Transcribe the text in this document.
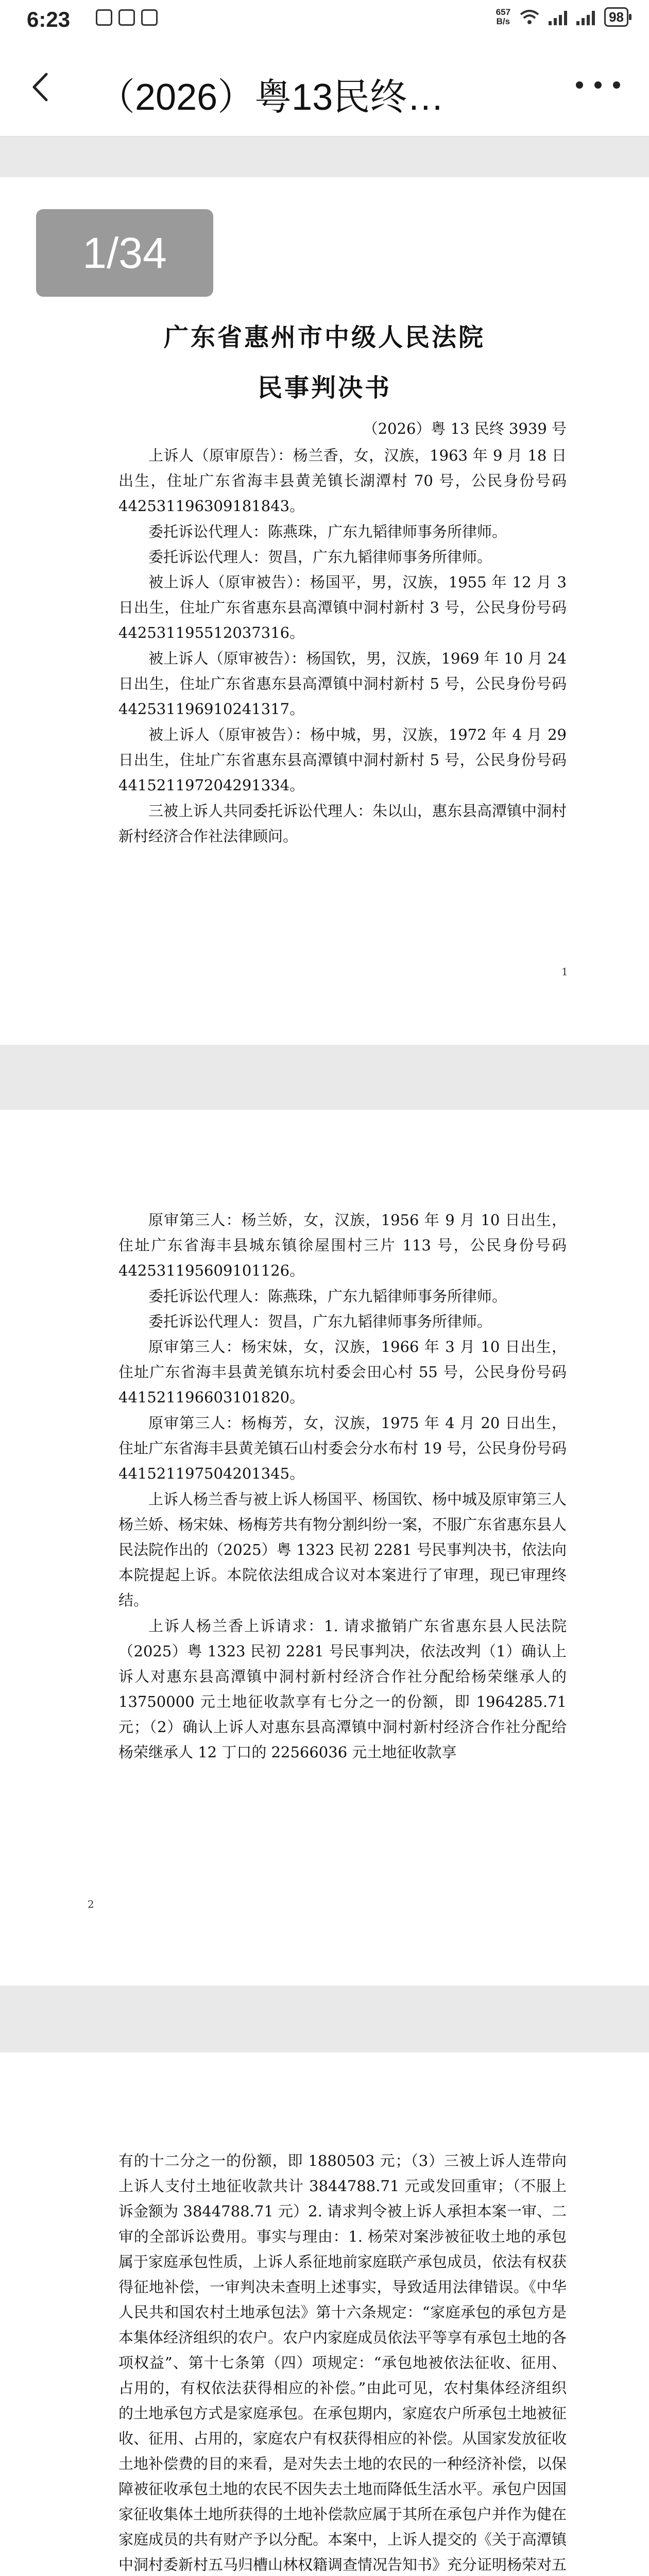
6:23	657
B/s	98
（2026）粤13民终…
1/34
广东省惠州市中级人民法院
民事判决书
（2026）粤 13 民终 3939 号

上诉人（原审原告）：杨兰香，女，汉族，1963 年 9 月 18 日出生，住址广东省海丰县黄羌镇长湖潭村 70 号，公民身份号码 442531196309181843。

委托诉讼代理人：陈燕珠，广东九韬律师事务所律师。

委托诉讼代理人：贺昌，广东九韬律师事务所律师。

被上诉人（原审被告）：杨国平，男，汉族，1955 年 12 月 3 日出生，住址广东省惠东县高潭镇中洞村新村 3 号，公民身份号码 442531195512037316。

被上诉人（原审被告）：杨国钦，男，汉族，1969 年 10 月 24 日出生，住址广东省惠东县高潭镇中洞村新村 5 号，公民身份号码 442531196910241317。

被上诉人（原审被告）：杨中城，男，汉族，1972 年 4 月 29 日出生，住址广东省惠东县高潭镇中洞村新村 5 号，公民身份号码 441521197204291334。

三被上诉人共同委托诉讼代理人：朱以山，惠东县高潭镇中洞村新村经济合作社法律顾问。

1

原审第三人：杨兰娇，女，汉族，1956 年 9 月 10 日出生，住址广东省海丰县城东镇徐屋围村三片 113 号，公民身份号码 442531195609101126。

委托诉讼代理人：陈燕珠，广东九韬律师事务所律师。

委托诉讼代理人：贺昌，广东九韬律师事务所律师。

原审第三人：杨宋妹，女，汉族，1966 年 3 月 10 日出生，住址广东省海丰县黄羌镇东坑村委会田心村 55 号，公民身份号码 441521196603101820。

原审第三人：杨梅芳，女，汉族，1975 年 4 月 20 日出生，住址广东省海丰县黄羌镇石山村委会分水布村 19 号，公民身份号码 441521197504201345。

上诉人杨兰香与被上诉人杨国平、杨国钦、杨中城及原审第三人杨兰娇、杨宋妹、杨梅芳共有物分割纠纷一案，不服广东省惠东县人民法院作出的（2025）粤 1323 民初 2281 号民事判决书，依法向本院提起上诉。本院依法组成合议对本案进行了审理，现已审理终结。

上诉人杨兰香上诉请求：1. 请求撤销广东省惠东县人民法院（2025）粤 1323 民初 2281 号民事判决，依法改判（1）确认上诉人对惠东县高潭镇中洞村新村经济合作社分配给杨荣继承人的 13750000 元土地征收款享有七分之一的份额，即 1964285.71 元；（2）确认上诉人对惠东县高潭镇中洞村新村经济合作社分配给杨荣继承人 12 丁口的 22566036 元土地征收款享

2

有的十二分之一的份额，即 1880503 元；（3）三被上诉人连带向上诉人支付土地征收款共计 3844788.71 元或发回重审；（不服上诉金额为 3844788.71 元）2. 请求判令被上诉人承担本案一审、二审的全部诉讼费用。事实与理由：1. 杨荣对案涉被征收土地的承包属于家庭承包性质，上诉人系征地前家庭联产承包成员，依法有权获得征地补偿，一审判决未查明上述事实，导致适用法律错误。《中华人民共和国农村土地承包法》第十六条规定：“家庭承包的承包方是本集体经济组织的农户。农户内家庭成员依法平等享有承包土地的各项权益”、第十七条第（四）项规定：“承包地被依法征收、征用、占用的，有权依法获得相应的补偿。”由此可见，农村集体经济组织的土地承包方式是家庭承包。在承包期内，家庭农户所承包土地被征收、征用、占用的，家庭农户有权获得相应的补偿。从国家发放征收土地补偿费的目的来看，是对失去土地的农民的一种经济补偿，以保障被征收承包土地的农民不因失去土地而降低生活水平。承包户因国家征收集体土地所获得的土地补偿款应属于其所在承包户并作为健在家庭成员的共有财产予以分配。本案中，上诉人提交的《关于高潭镇中洞村委新村五马归槽山林权籍调查情况告知书》充分证明杨荣对五
